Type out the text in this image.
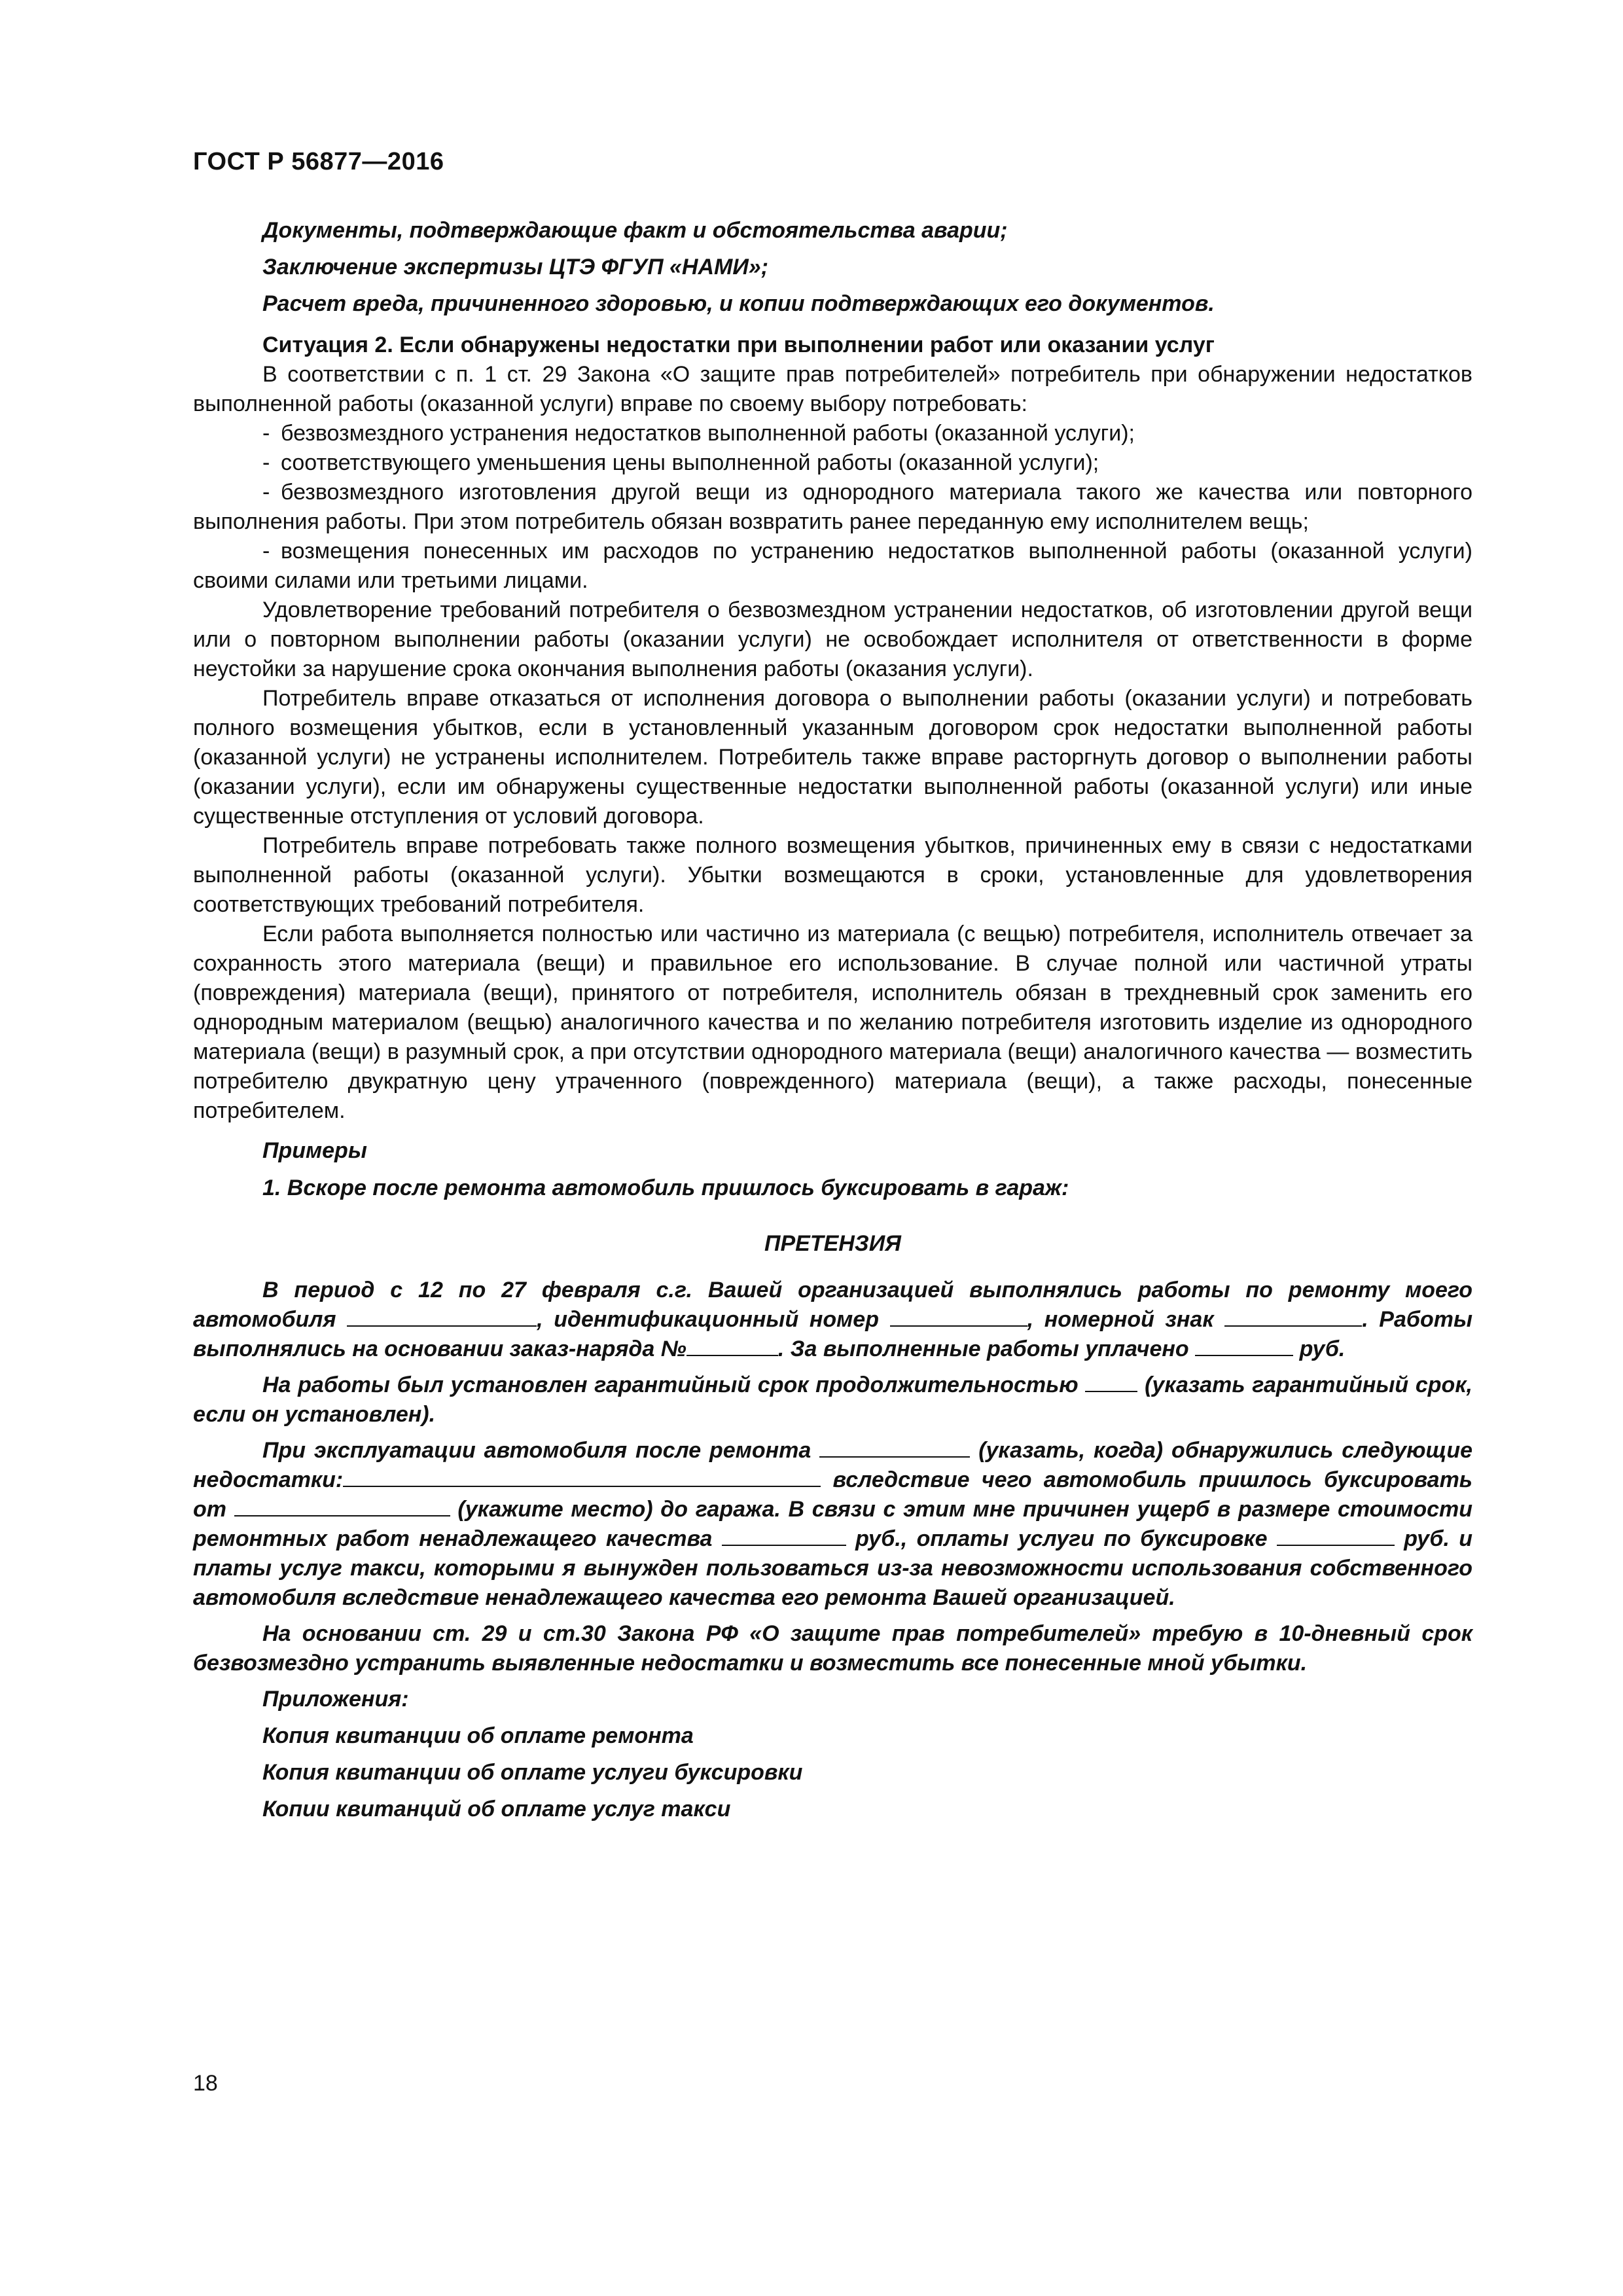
ГОСТ Р 56877—2016
Документы, подтверждающие факт и обстоятельства аварии;
Заключение экспертизы ЦТЭ ФГУП «НАМИ»;
Расчет вреда, причиненного здоровью, и копии подтверждающих его документов.

Ситуация 2. Если обнаружены недостатки при выполнении работ или оказании услуг

В соответствии с п. 1 ст. 29 Закона «О защите прав потребителей» потребитель при обнаружении недостатков выполненной работы (оказанной услуги) вправе по своему выбору потребовать:

- безвозмездного устранения недостатков выполненной работы (оказанной услуги);

- соответствующего уменьшения цены выполненной работы (оказанной услуги);

- безвозмездного изготовления другой вещи из однородного материала такого же качества или повторного выполнения работы. При этом потребитель обязан возвратить ранее переданную ему исполнителем вещь;

- возмещения понесенных им расходов по устранению недостатков выполненной работы (оказанной услуги) своими силами или третьими лицами.

Удовлетворение требований потребителя о безвозмездном устранении недостатков, об изготовлении другой вещи или о повторном выполнении работы (оказании услуги) не освобождает исполнителя от ответственности в форме неустойки за нарушение срока окончания выполнения работы (оказания услуги).

Потребитель вправе отказаться от исполнения договора о выполнении работы (оказании услуги) и потребовать полного возмещения убытков, если в установленный указанным договором срок недостатки выполненной работы (оказанной услуги) не устранены исполнителем. Потребитель также вправе расторгнуть договор о выполнении работы (оказании услуги), если им обнаружены существенные недостатки выполненной работы (оказанной услуги) или иные существенные отступления от условий договора.

Потребитель вправе потребовать также полного возмещения убытков, причиненных ему в связи с недостатками выполненной работы (оказанной услуги). Убытки возмещаются в сроки, установленные для удовлетворения соответствующих требований потребителя.

Если работа выполняется полностью или частично из материала (с вещью) потребителя, исполнитель отвечает за сохранность этого материала (вещи) и правильное его использование. В случае полной или частичной утраты (повреждения) материала (вещи), принятого от потребителя, исполнитель обязан в трехдневный срок заменить его однородным материалом (вещью) аналогичного качества и по желанию потребителя изготовить изделие из однородного материала (вещи) в разумный срок, а при отсутствии однородного материала (вещи) аналогичного качества — возместить потребителю двукратную цену утраченного (поврежденного) материала (вещи), а также расходы, понесенные потребителем.

Примеры

1. Вскоре после ремонта автомобиль пришлось буксировать в гараж:

ПРЕТЕНЗИЯ

В период с 12 по 27 февраля с.г. Вашей организацией выполнялись работы по ремонту моего автомобиля	, идентификационный номер	, номерной знак	. Работы выполнялись на основании заказ-наряда №	. За выполненные работы уплачено	руб.

На работы был установлен гарантийный срок продолжительностью	(указать гарантийный срок, если он установлен).

При эксплуатации автомобиля после ремонта	(указать, когда) обнаружились следующие недостатки:	вследствие чего автомобиль пришлось буксировать от	(укажите место) до гаража. В связи с этим мне причинен ущерб в размере стоимости ремонтных работ ненадлежащего качества	руб., оплаты услуги по буксировке	руб. и платы услуг такси, которыми я вынужден пользоваться из-за невозможности использования собственного автомобиля вследствие ненадлежащего качества его ремонта Вашей организацией.

На основании ст. 29 и ст.30 Закона РФ «О защите прав потребителей» требую в 10-дневный срок безвозмездно устранить выявленные недостатки и возместить все понесенные мной убытки.

Приложения:
Копия квитанции об оплате ремонта
Копия квитанции об оплате услуги буксировки
Копии квитанций об оплате услуг такси
18
